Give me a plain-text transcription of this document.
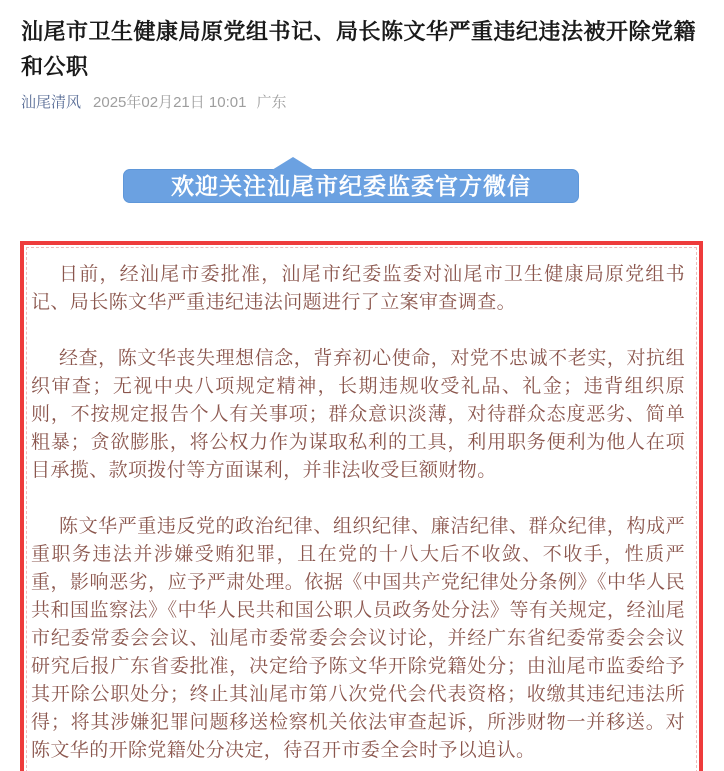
汕尾市卫生健康局原党组书记、局长陈文华严重违纪违法被开除党籍和公职
汕尾清风 2025年02月21日 10:01 广东
欢迎关注汕尾市纪委监委官方微信

日前，经汕尾市委批准，汕尾市纪委监委对汕尾市卫生健康局原党组书记、局长陈文华严重违纪违法问题进行了立案审查调查。

经查，陈文华丧失理想信念，背弃初心使命，对党不忠诚不老实，对抗组织审查；无视中央八项规定精神，长期违规收受礼品、礼金；违背组织原则，不按规定报告个人有关事项；群众意识淡薄，对待群众态度恶劣、简单粗暴；贪欲膨胀，将公权力作为谋取私利的工具，利用职务便利为他人在项目承揽、款项拨付等方面谋利，并非法收受巨额财物。

陈文华严重违反党的政治纪律、组织纪律、廉洁纪律、群众纪律，构成严重职务违法并涉嫌受贿犯罪，且在党的十八大后不收敛、不收手，性质严重，影响恶劣，应予严肃处理。依据《中国共产党纪律处分条例》《中华人民共和国监察法》《中华人民共和国公职人员政务处分法》等有关规定，经汕尾市纪委常委会会议、汕尾市委常委会会议讨论，并经广东省纪委常委会会议研究后报广东省委批准，决定给予陈文华开除党籍处分；由汕尾市监委给予其开除公职处分；终止其汕尾市第八次党代会代表资格；收缴其违纪违法所得；将其涉嫌犯罪问题移送检察机关依法审查起诉，所涉财物一并移送。对陈文华的开除党籍处分决定，待召开市委全会时予以追认。
